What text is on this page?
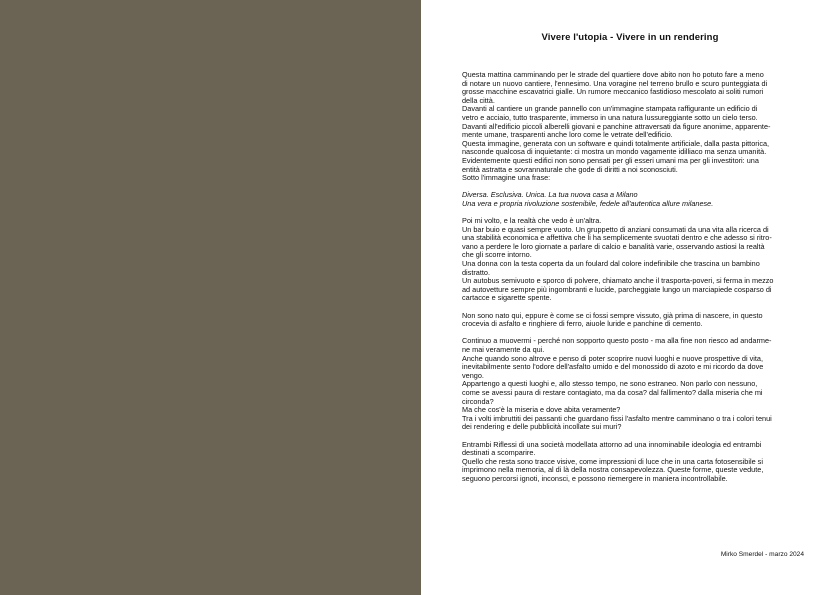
Vivere l'utopia - Vivere in un rendering
Questa mattina camminando per le strade del quartiere dove abito non ho potuto fare a meno
di notare un nuovo cantiere, l'ennesimo. Una voragine nel terreno brullo e scuro punteggiata di
grosse macchine escavatrici gialle. Un rumore meccanico fastidioso mescolato ai soliti rumori
della città.
Davanti al cantiere un grande pannello con un'immagine stampata raffigurante un edificio di
vetro e acciaio, tutto trasparente, immerso in una natura lussureggiante sotto un cielo terso.
Davanti all'edificio piccoli alberelli giovani e panchine attraversati da figure anonime, apparente-
mente umane, trasparenti anche loro come le vetrate dell'edificio.
Questa immagine, generata con un software e quindi totalmente artificiale, dalla pasta pittorica,
nasconde qualcosa di inquietante: ci mostra un mondo vagamente idilliaco ma senza umanità.
Evidentemente questi edifici non sono pensati per gli esseri umani ma per gli investitori: una
entità astratta e sovrannaturale che gode di diritti a noi sconosciuti.
Sotto l'immagine una frase:
Diversa. Esclusiva. Unica. La tua nuova casa a Milano
Una vera e propria rivoluzione sostenibile, fedele all'autentica allure milanese.
Poi mi volto, e la realtà che vedo è un'altra.
Un bar buio e quasi sempre vuoto. Un gruppetto di anziani consumati da una vita alla ricerca di
una stabilità economica e affettiva che li ha semplicemente svuotati dentro e che adesso si ritro-
vano a perdere le loro giornate a parlare di calcio e banalità varie, osservando astiosi la realtà
che gli scorre intorno.
Una donna con la testa coperta da un foulard dal colore indefinibile che trascina un bambino
distratto.
Un autobus semivuoto e sporco di polvere, chiamato anche il trasporta-poveri, si ferma in mezzo
ad autovetture sempre più ingombranti e lucide, parcheggiate lungo un marciapiede cosparso di
cartacce e sigarette spente.
Non sono nato qui, eppure è come se ci fossi sempre vissuto, già prima di nascere, in questo
crocevia di asfalto e ringhiere di ferro, aiuole luride e panchine di cemento.
Continuo a muovermi - perché non sopporto questo posto - ma alla fine non riesco ad andarme-
ne mai veramente da qui.
Anche quando sono altrove e penso di poter scoprire nuovi luoghi e nuove prospettive di vita,
inevitabilmente sento l'odore dell'asfalto umido e del monossido di azoto e mi ricordo da dove
vengo.
Appartengo a questi luoghi e, allo stesso tempo, ne sono estraneo. Non parlo con nessuno,
come se avessi paura di restare contagiato, ma da cosa? dal fallimento? dalla miseria che mi
circonda?
Ma che cos'è la miseria e dove abita veramente?
Tra i volti imbruttiti dei passanti che guardano fissi l'asfalto mentre camminano o tra i colori tenui
dei rendering e delle pubblicità incollate sui muri?
Entrambi Riflessi di una società modellata attorno ad una innominabile ideologia ed entrambi
destinati a scomparire.
Quello che resta sono tracce visive, come impressioni di luce che in una carta fotosensibile si
imprimono nella memoria, al di là della nostra consapevolezza. Queste forme, queste vedute,
seguono percorsi ignoti, inconsci, e possono riemergere in maniera incontrollabile.
Mirko Smerdel - marzo 2024
